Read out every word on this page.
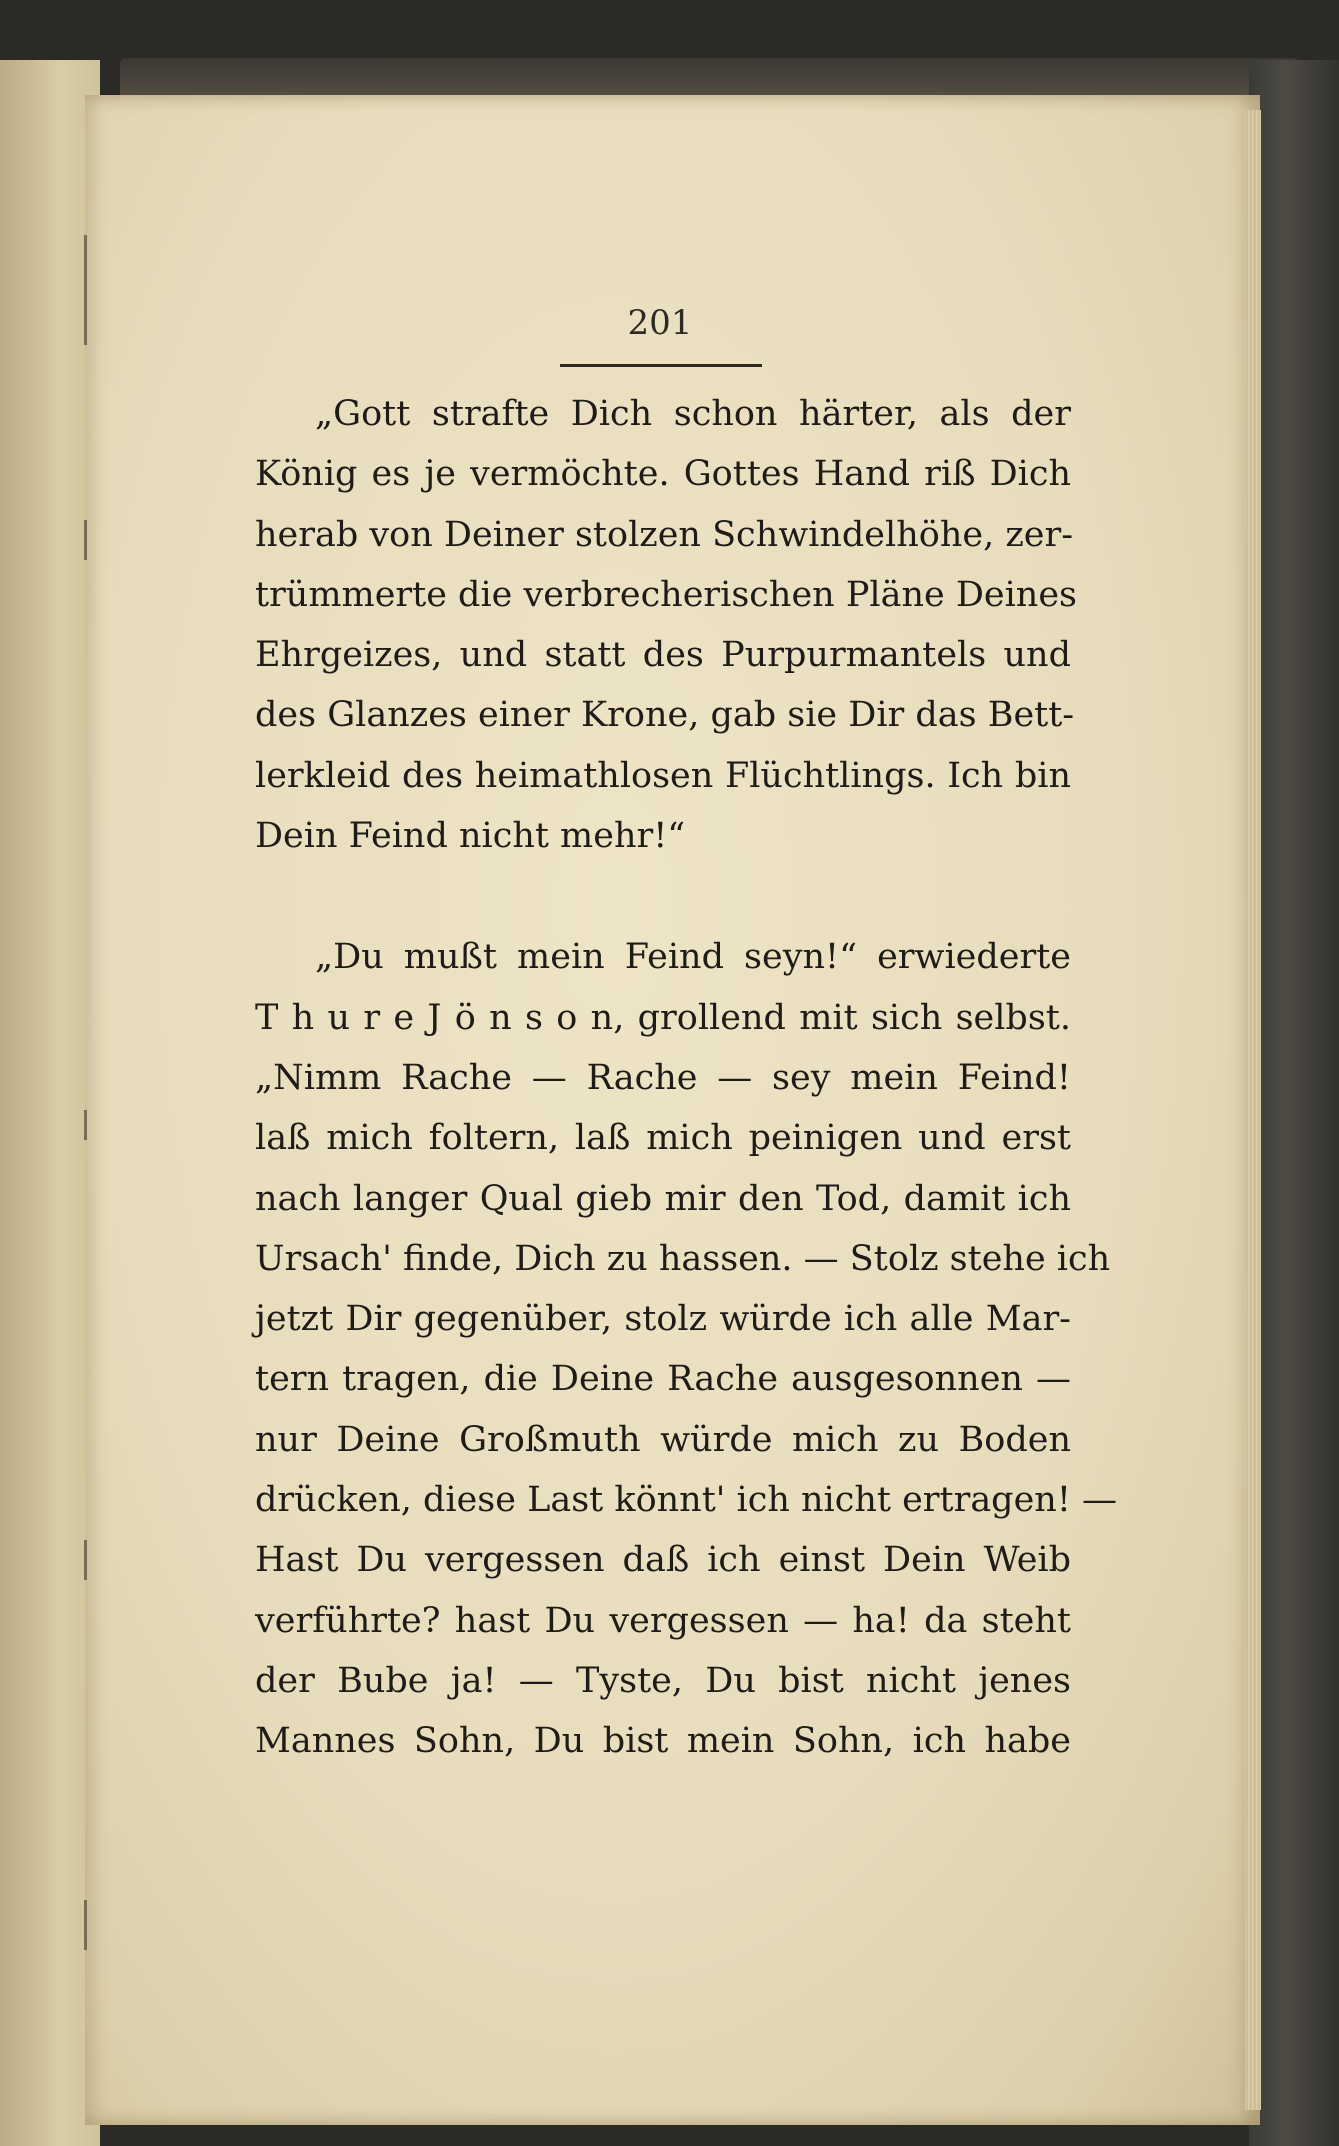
201
„Gott strafte Dich schon härter, als der
König es je vermöchte. Gottes Hand riß Dich
herab von Deiner stolzen Schwindelhöhe, zer-
trümmerte die verbrecherischen Pläne Deines
Ehrgeizes, und statt des Purpurmantels und
des Glanzes einer Krone, gab sie Dir das Bett-
lerkleid des heimathlosen Flüchtlings. Ich bin
Dein Feind nicht mehr!“
„Du mußt mein Feind seyn!“ erwiederte
T h u r e J ö n s o n, grollend mit sich selbst.
„Nimm Rache — Rache — sey mein Feind!
laß mich foltern, laß mich peinigen und erst
nach langer Qual gieb mir den Tod, damit ich
Ursach' finde, Dich zu hassen. — Stolz stehe ich
jetzt Dir gegenüber, stolz würde ich alle Mar-
tern tragen, die Deine Rache ausgesonnen —
nur Deine Großmuth würde mich zu Boden
drücken, diese Last könnt' ich nicht ertragen! —
Hast Du vergessen daß ich einst Dein Weib
verführte? hast Du vergessen — ha! da steht
der Bube ja! — Tyste, Du bist nicht jenes
Mannes Sohn, Du bist mein Sohn, ich habe
